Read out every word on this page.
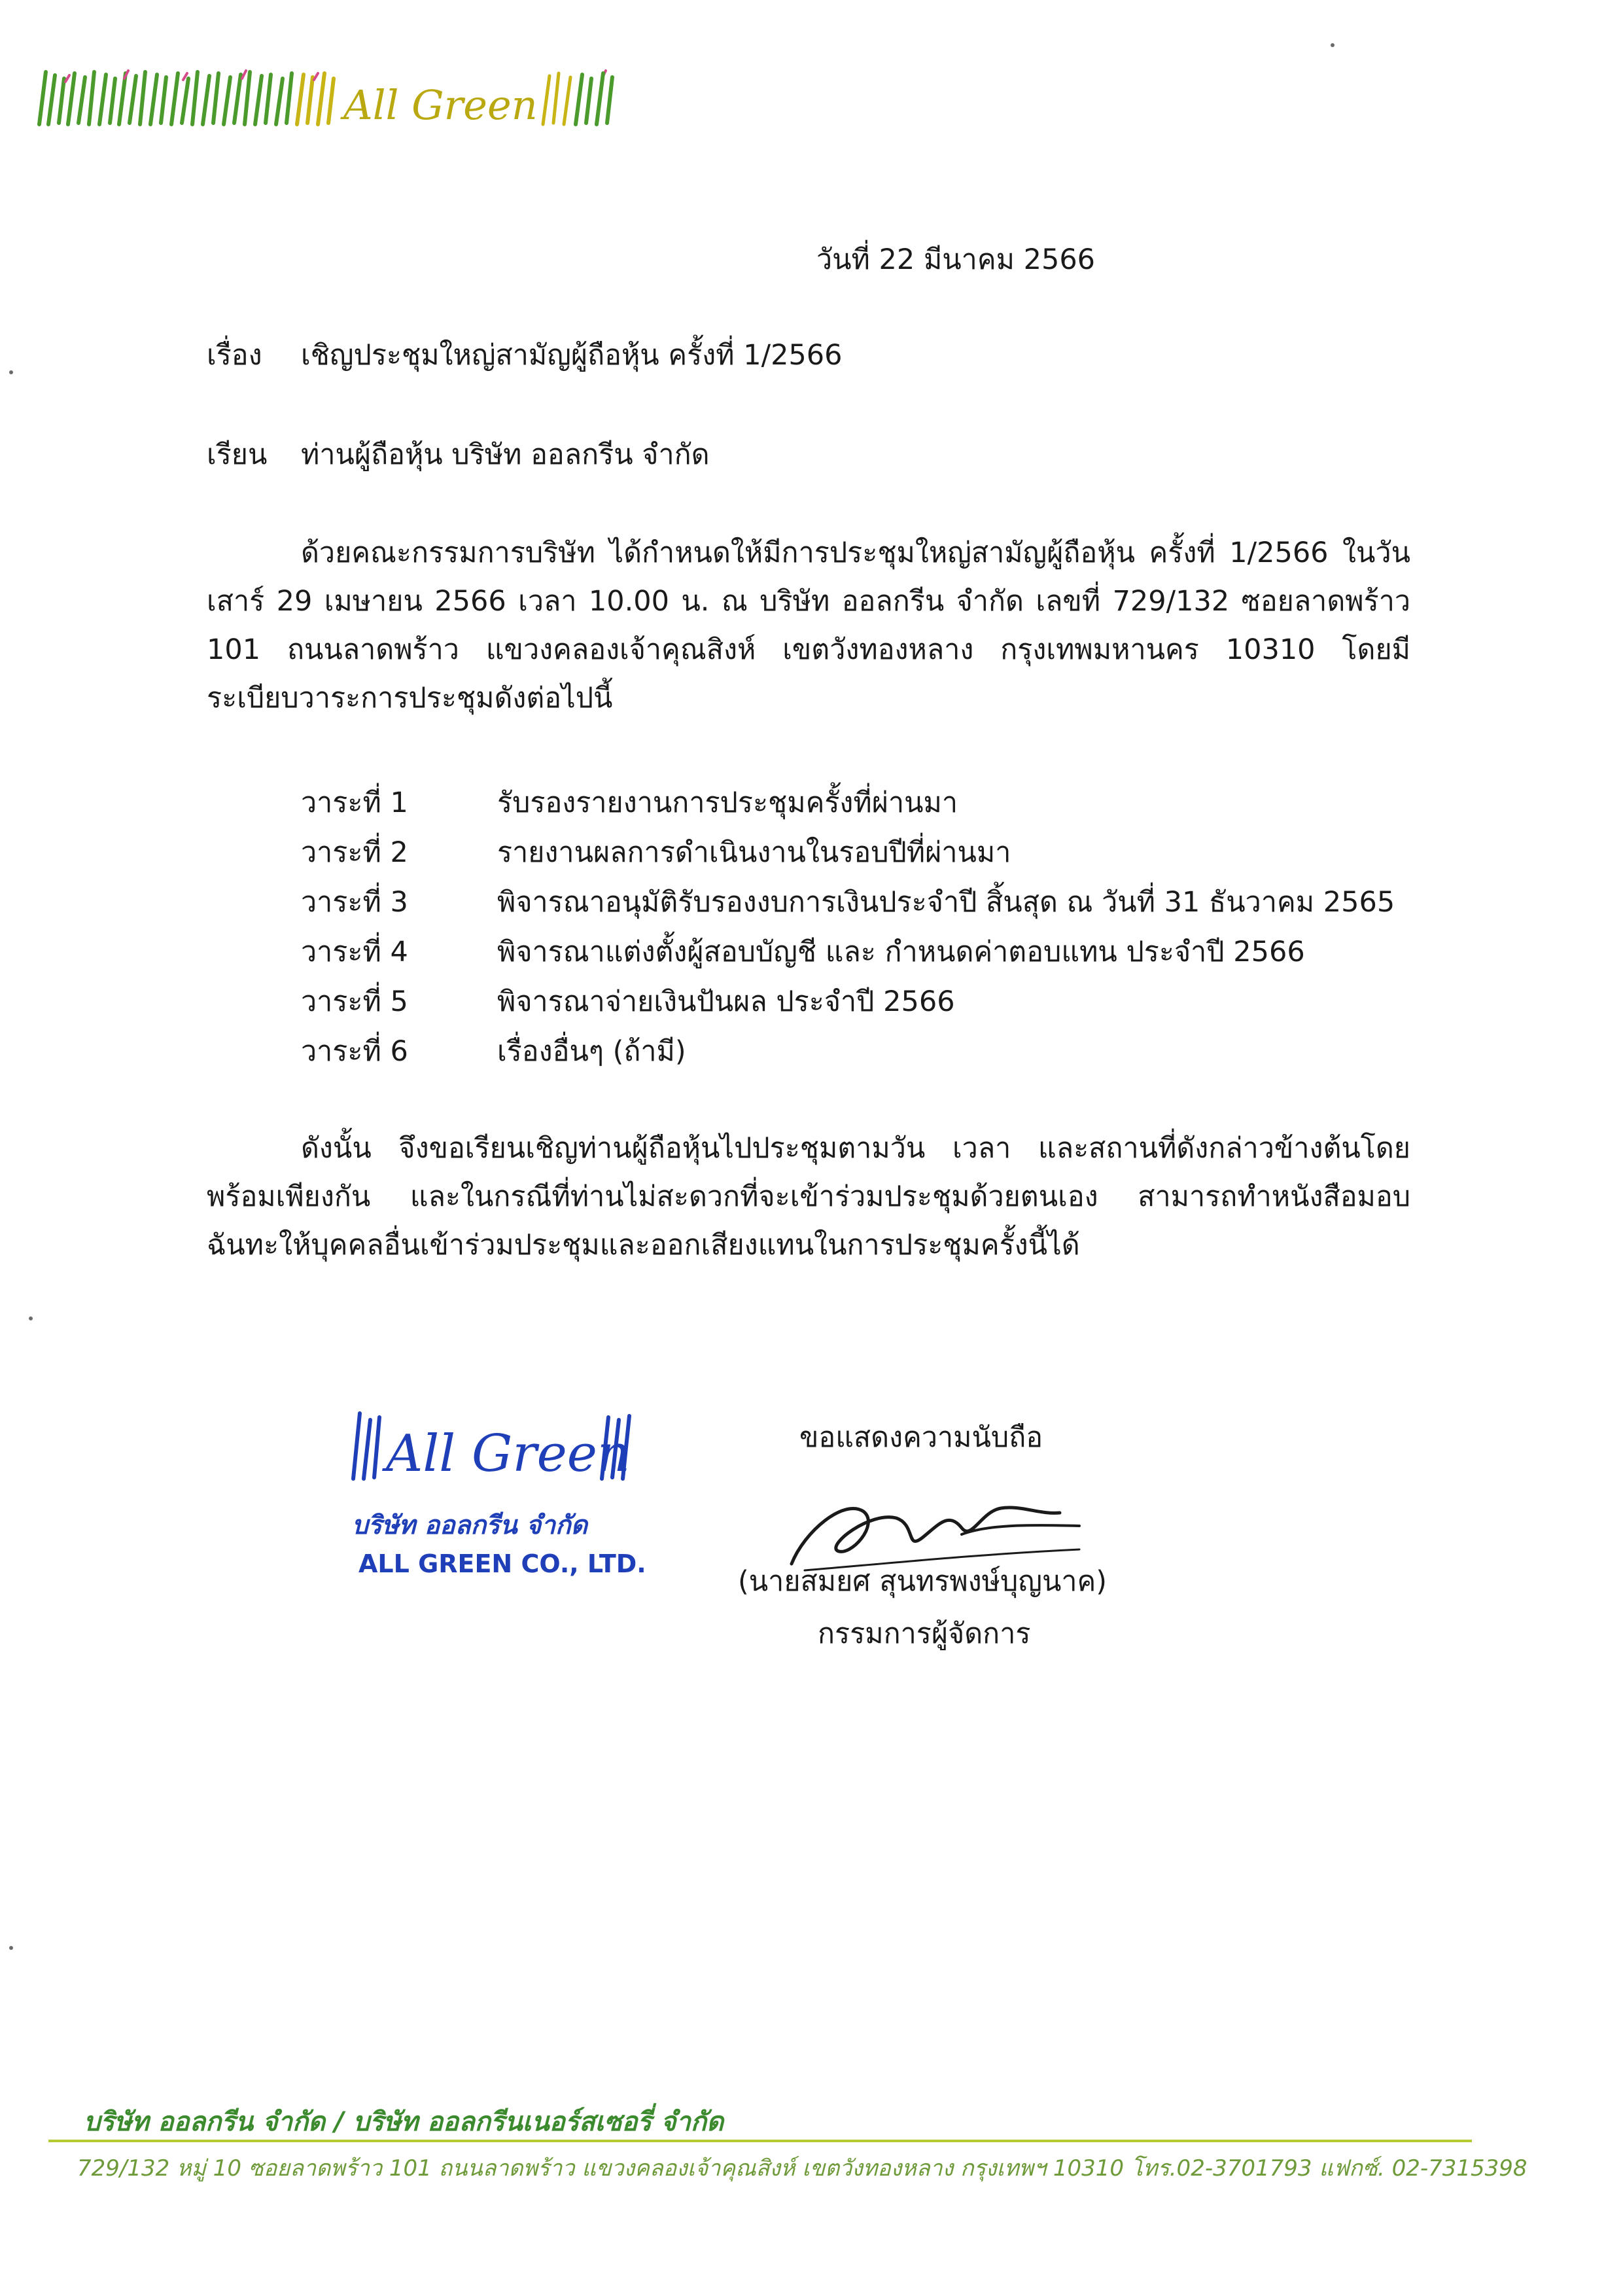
All Green
วันที่ 22 มีนาคม 2566
เรื่อง เชิญประชุมใหญ่สามัญผู้ถือหุ้น ครั้งที่ 1/2566
เรียน ท่านผู้ถือหุ้น บริษัท ออลกรีน จำกัด

ด้วยคณะกรรมการบริษัท ได้กำหนดให้มีการประชุมใหญ่สามัญผู้ถือหุ้น ครั้งที่ 1/2566 ในวันเสาร์ 29 เมษายน 2566 เวลา 10.00 น. ณ บริษัท ออลกรีน จำกัด เลขที่ 729/132 ซอยลาดพร้าว 101 ถนนลาดพร้าว แขวงคลองเจ้าคุณสิงห์ เขตวังทองหลาง กรุงเทพมหานคร 10310 โดยมีระเบียบวาระการประชุมดังต่อไปนี้

วาระที่ 1	รับรองรายงานการประชุมครั้งที่ผ่านมา
วาระที่ 2	รายงานผลการดำเนินงานในรอบปีที่ผ่านมา
วาระที่ 3	พิจารณาอนุมัติรับรองงบการเงินประจำปี สิ้นสุด ณ วันที่ 31 ธันวาคม 2565
วาระที่ 4	พิจารณาแต่งตั้งผู้สอบบัญชี และ กำหนดค่าตอบแทน ประจำปี 2566
วาระที่ 5	พิจารณาจ่ายเงินปันผล ประจำปี 2566
วาระที่ 6	เรื่องอื่นๆ (ถ้ามี)

ดังนั้น จึงขอเรียนเชิญท่านผู้ถือหุ้นไปประชุมตามวัน เวลา และสถานที่ดังกล่าวข้างต้นโดยพร้อมเพียงกัน และในกรณีที่ท่านไม่สะดวกที่จะเข้าร่วมประชุมด้วยตนเอง สามารถทำหนังสือมอบฉันทะให้บุคคลอื่นเข้าร่วมประชุมและออกเสียงแทนในการประชุมครั้งนี้ได้

All Green
บริษัท ออลกรีน จำกัด
ALL GREEN CO., LTD.
ขอแสดงความนับถือ
(นายสมยศ สุนทรพงษ์บุญนาค)
กรรมการผู้จัดการ
บริษัท ออลกรีน จำกัด / บริษัท ออลกรีนเนอร์สเซอรี่ จำกัด
729/132 หมู่ 10 ซอยลาดพร้าว 101 ถนนลาดพร้าว แขวงคลองเจ้าคุณสิงห์ เขตวังทองหลาง กรุงเทพฯ 10310 โทร.02-3701793 แฟกซ์. 02-7315398
